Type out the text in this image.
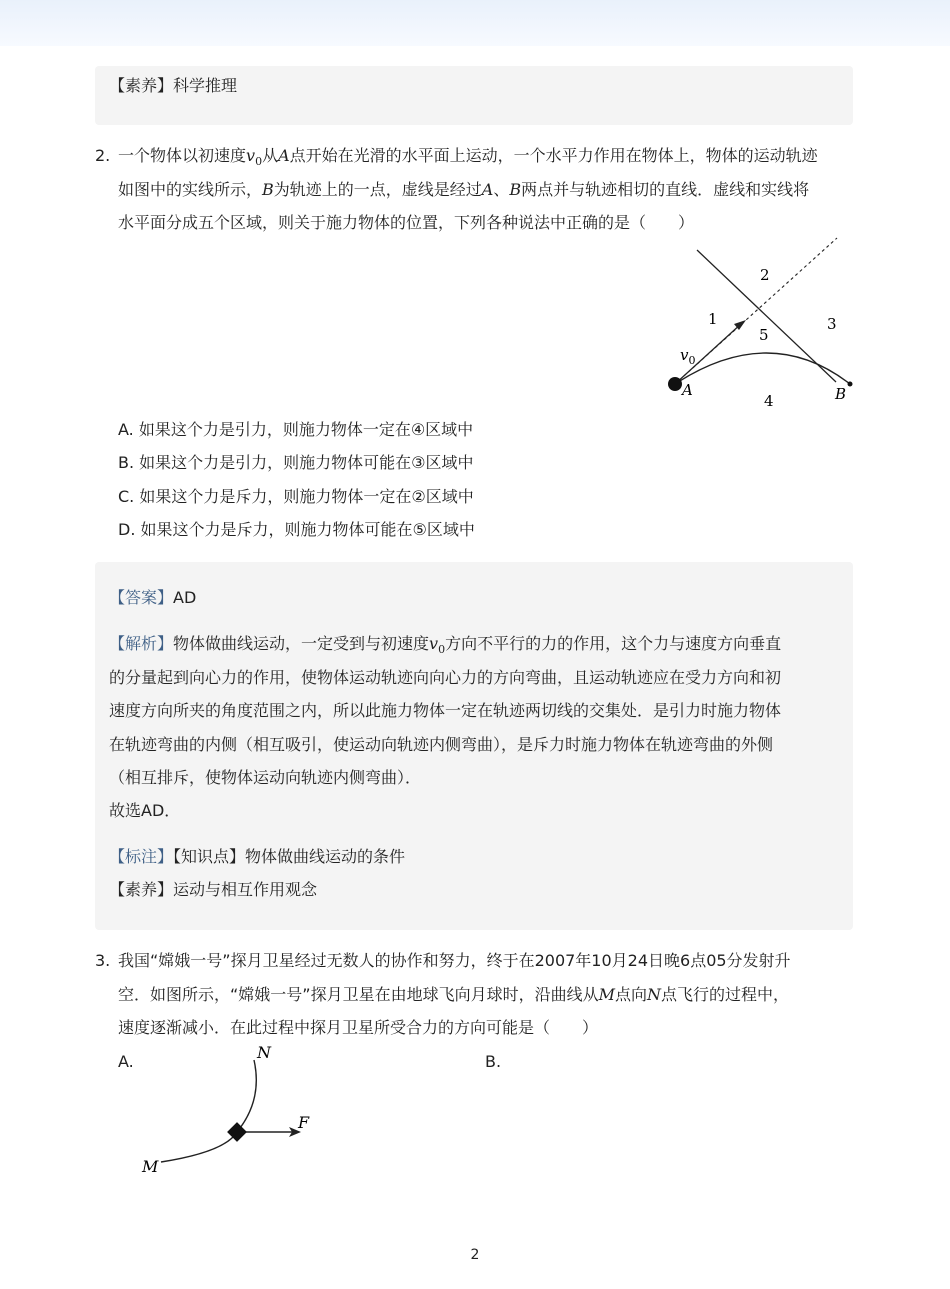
【素养】科学推理
2. 一个物体以初速度$v_0$从A点开始在光滑的水平面上运动，一个水平力作用在物体上，物体的运动轨迹
如图中的实线所示，B为轨迹上的一点，虚线是经过A、B两点并与轨迹相切的直线．虚线和实线将
水平面分成五个区域，则关于施力物体的位置，下列各种说法中正确的是（　　）
2
1	3
5
4
$v_0$
A	B
A. 如果这个力是引力，则施力物体一定在④区域中
B. 如果这个力是引力，则施力物体可能在③区域中
C. 如果这个力是斥力，则施力物体一定在②区域中
D. 如果这个力是斥力，则施力物体可能在⑤区域中
【答案】AD
【解析】物体做曲线运动，一定受到与初速度$v_0$方向不平行的力的作用，这个力与速度方向垂直
的分量起到向心力的作用，使物体运动轨迹向向心力的方向弯曲，且运动轨迹应在受力方向和初
速度方向所夹的角度范围之内，所以此施力物体一定在轨迹两切线的交集处．是引力时施力物体
在轨迹弯曲的内侧（相互吸引，使运动向轨迹内侧弯曲），是斥力时施力物体在轨迹弯曲的外侧
（相互排斥，使物体运动向轨迹内侧弯曲）．
故选AD．
【标注】【知识点】物体做曲线运动的条件
【素养】运动与相互作用观念
3. 我国“嫦娥一号”探月卫星经过无数人的协作和努力，终于在2007年10月24日晚6点05分发射升
空．如图所示，“嫦娥一号”探月卫星在由地球飞向月球时，沿曲线从M点向N点飞行的过程中，
速度逐渐减小．在此过程中探月卫星所受合力的方向可能是（　　）
A.	B.
N
F
M
2
